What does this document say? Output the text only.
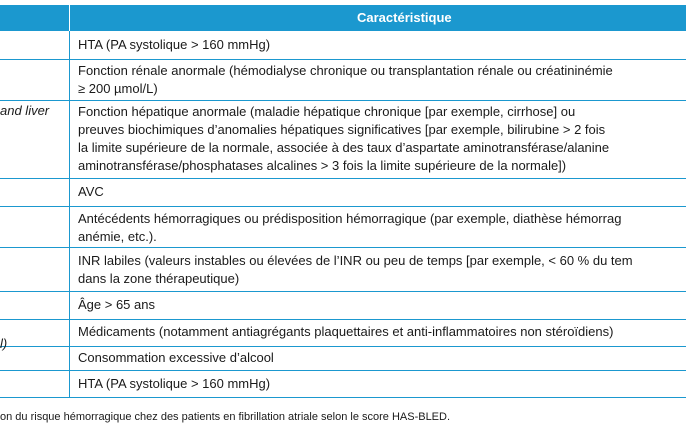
Caractéristique
and liver
l)
HTA (PA systolique > 160 mmHg)
Fonction rénale anormale (hémodialyse chronique ou transplantation rénale ou créatininémie
≥ 200 µmol/L)
Fonction hépatique anormale (maladie hépatique chronique [par exemple, cirrhose] ou
preuves biochimiques d’anomalies hépatiques significatives [par exemple, bilirubine > 2 fois
la limite supérieure de la normale, associée à des taux d’aspartate aminotransférase/alanine
aminotransférase/phosphatases alcalines > 3 fois la limite supérieure de la normale])
AVC
Antécédents hémorragiques ou prédisposition hémorragique (par exemple, diathèse hémorrag
anémie, etc.).
INR labiles (valeurs instables ou élevées de l’INR ou peu de temps [par exemple, < 60 % du tem
dans la zone thérapeutique)
Âge > 65 ans
Médicaments (notamment antiagrégants plaquettaires et anti-inflammatoires non stéroïdiens)
Consommation excessive d’alcool
HTA (PA systolique > 160 mmHg)
on du risque hémorragique chez des patients en fibrillation atriale selon le score HAS-BLED.
